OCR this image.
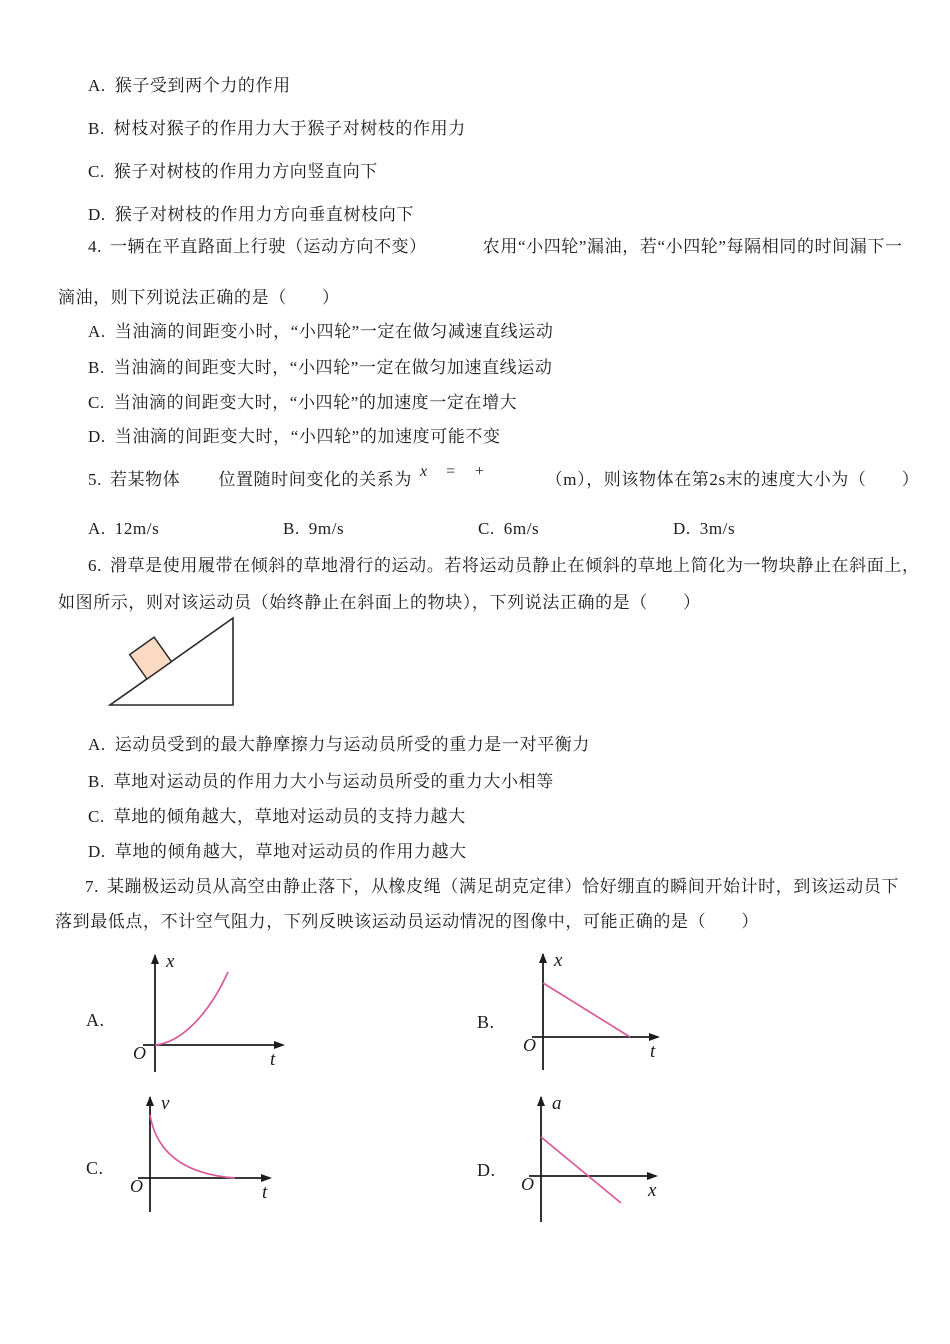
A. 猴子受到两个力的作用
B. 树枝对猴子的作用力大于猴子对树枝的作用力
C. 猴子对树枝的作用力方向竖直向下
D. 猴子对树枝的作用力方向垂直树枝向下
4. 一辆在平直路面上行驶（运动方向不变）	农用“小四轮”漏油，若“小四轮”每隔相同的时间漏下一
滴油，则下列说法正确的是（　　）
A. 当油滴的间距变小时，“小四轮”一定在做匀减速直线运动
B. 当油滴的间距变大时，“小四轮”一定在做匀加速直线运动
C. 当油滴的间距变大时，“小四轮”的加速度一定在增大
D. 当油滴的间距变大时，“小四轮”的加速度可能不变
5. 若某物体 位置随时间变化的关系为 x = +	（m），则该物体在第2s末的速度大小为（　　）
A. 12m/s	B. 9m/s	C. 6m/s	D. 3m/s
6. 滑草是使用履带在倾斜的草地滑行的运动。若将运动员静止在倾斜的草地上简化为一物块静止在斜面上，
如图所示，则对该运动员（始终静止在斜面上的物块），下列说法正确的是（　　）
A. 运动员受到的最大静摩擦力与运动员所受的重力是一对平衡力
B. 草地对运动员的作用力大小与运动员所受的重力大小相等
C. 草地的倾角越大，草地对运动员的支持力越大
D. 草地的倾角越大，草地对运动员的作用力越大
7. 某蹦极运动员从高空由静止落下，从橡皮绳（满足胡克定律）恰好绷直的瞬间开始计时，到该运动员下
落到最低点，不计空气阻力，下列反映该运动员运动情况的图像中，可能正确的是（　　）
A.
O
x
t
B.
O
x
t
C.
O
v
t
D.
O
a
x
